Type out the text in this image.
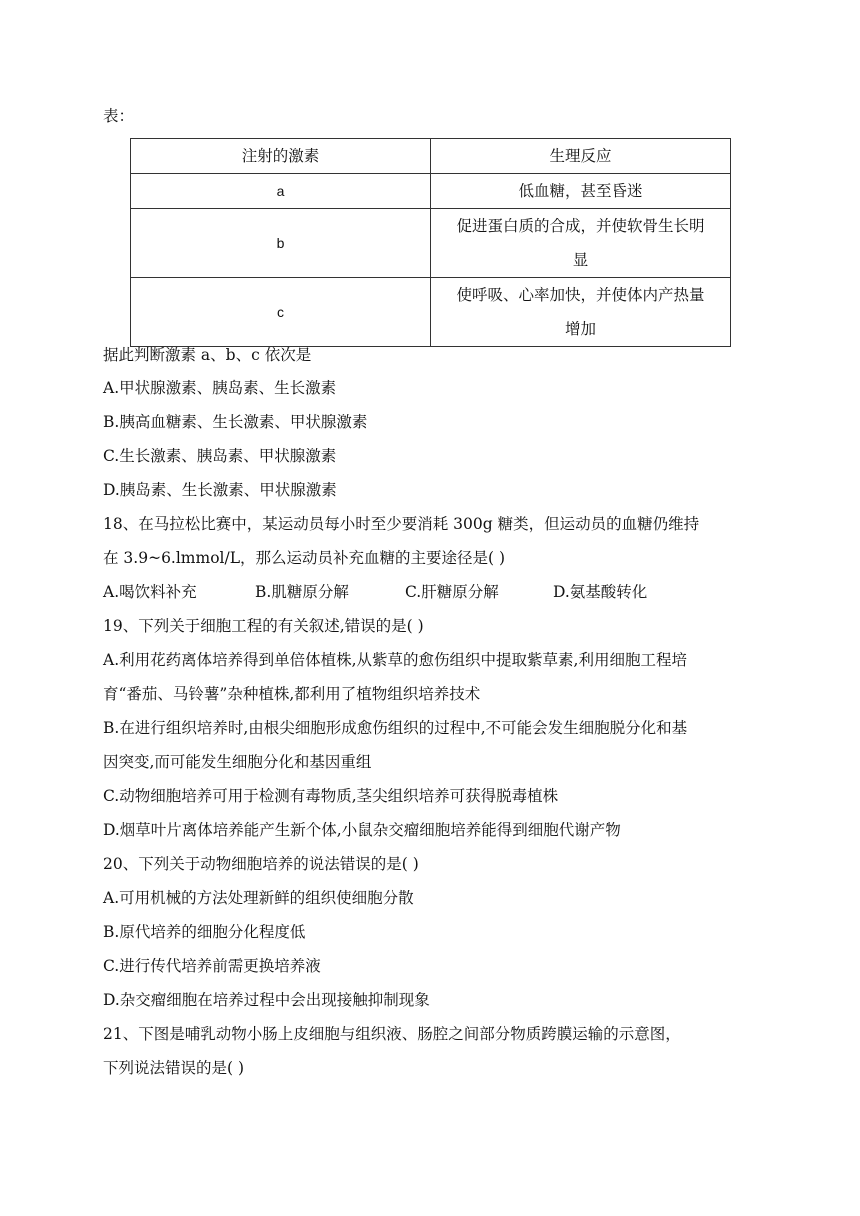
表：
注射的激素	生理反应
a	低血糖，甚至昏迷
b	促进蛋白质的合成，并使软骨生长明
显
c	使呼吸、心率加快，并使体内产热量
增加
据此判断激素 a、b、c 依次是
A.甲状腺激素、胰岛素、生长激素
B.胰高血糖素、生长激素、甲状腺激素
C.生长激素、胰岛素、甲状腺激素
D.胰岛素、生长激素、甲状腺激素
18、在马拉松比赛中，某运动员每小时至少要消耗 300g 糖类，但运动员的血糖仍维持
在 3.9~6.lmmol/L，那么运动员补充血糖的主要途径是( )
A.喝饮料补充	B.肌糖原分解	C.肝糖原分解	D.氨基酸转化
19、下列关于细胞工程的有关叙述,错误的是( )
A.利用花药离体培养得到单倍体植株,从紫草的愈伤组织中提取紫草素,利用细胞工程培
育“番茄、马铃薯”杂种植株,都利用了植物组织培养技术
B.在进行组织培养时,由根尖细胞形成愈伤组织的过程中,不可能会发生细胞脱分化和基
因突变,而可能发生细胞分化和基因重组
C.动物细胞培养可用于检测有毒物质,茎尖组织培养可获得脱毒植株
D.烟草叶片离体培养能产生新个体,小鼠杂交瘤细胞培养能得到细胞代谢产物
20、下列关于动物细胞培养的说法错误的是( )
A.可用机械的方法处理新鲜的组织使细胞分散
B.原代培养的细胞分化程度低
C.进行传代培养前需更换培养液
D.杂交瘤细胞在培养过程中会出现接触抑制现象
21、下图是哺乳动物小肠上皮细胞与组织液、肠腔之间部分物质跨膜运输的示意图，
下列说法错误的是( )
